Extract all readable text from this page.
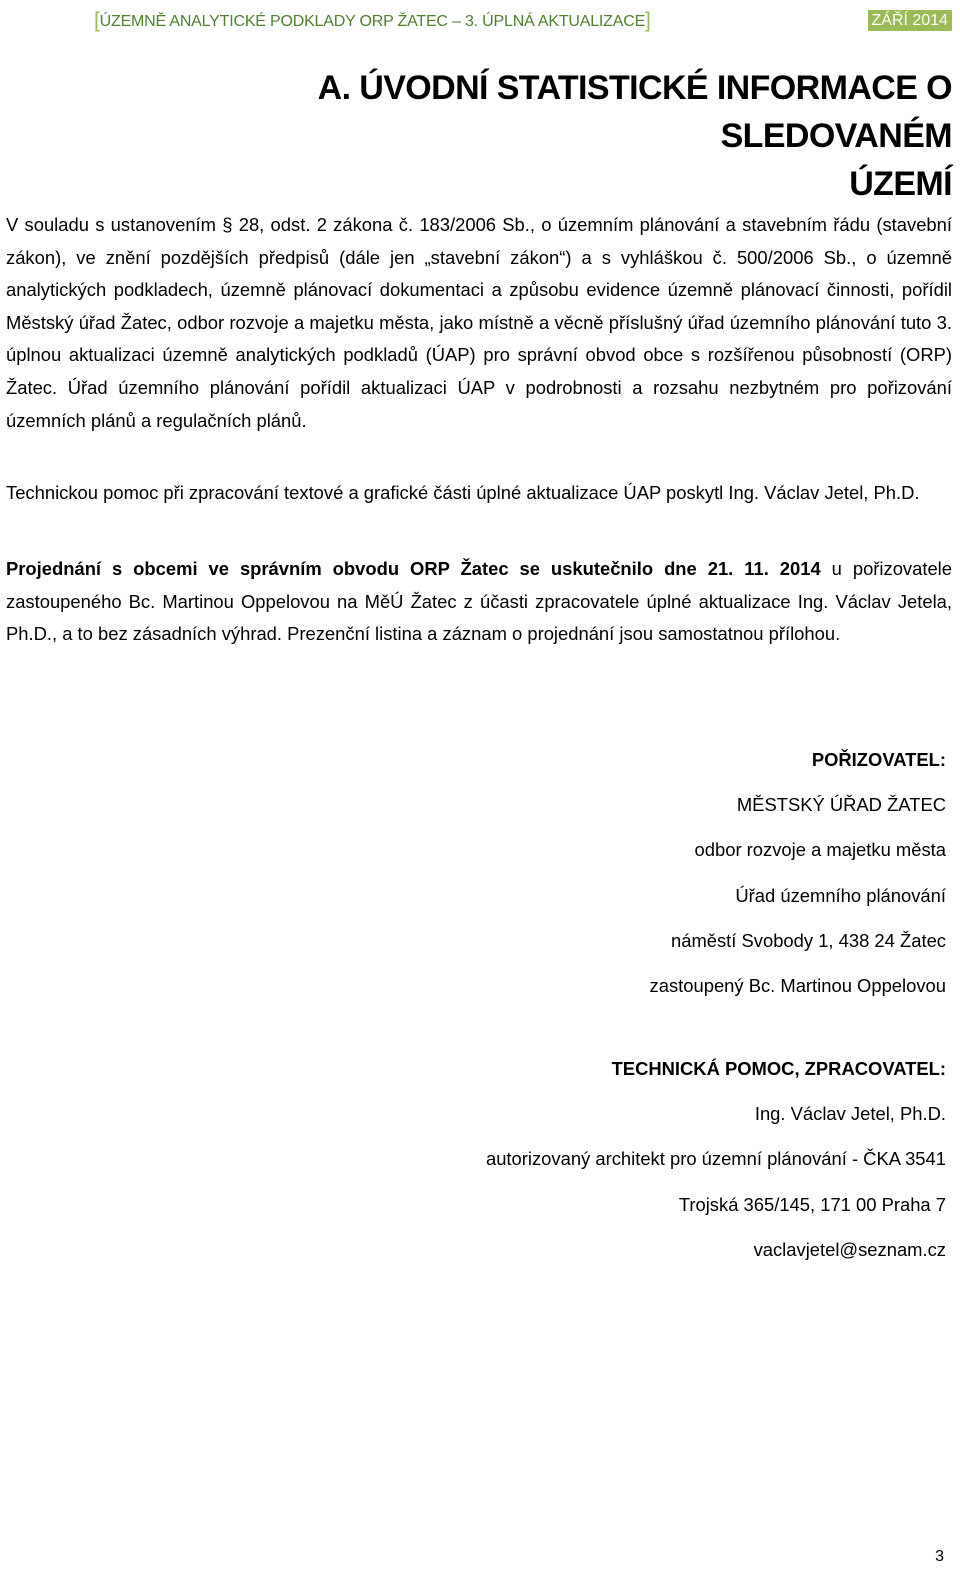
[ÚZEMNĚ ANALYTICKÉ PODKLADY ORP ŽATEC – 3. ÚPLNÁ AKTUALIZACE]	ZÁŘÍ 2014
A. ÚVODNÍ STATISTICKÉ INFORMACE O SLEDOVANÉM
ÚZEMÍ
V souladu s ustanovením § 28, odst. 2 zákona č. 183/2006 Sb., o územním plánování a stavebním řádu (stavební zákon), ve znění pozdějších předpisů (dále jen „stavební zákon“) a s vyhláškou č. 500/2006 Sb., o územně analytických podkladech, územně plánovací dokumentaci a způsobu evidence územně plánovací činnosti, pořídil Městský úřad Žatec, odbor rozvoje a majetku města, jako místně a věcně příslušný úřad územního plánování tuto 3. úplnou aktualizaci územně analytických podkladů (ÚAP) pro správní obvod obce s rozšířenou působností (ORP) Žatec. Úřad územního plánování pořídil aktualizaci ÚAP v podrobnosti a rozsahu nezbytném pro pořizování územních plánů a regulačních plánů.
Technickou pomoc při zpracování textové a grafické části úplné aktualizace ÚAP poskytl Ing. Václav Jetel, Ph.D.
Projednání s obcemi ve správním obvodu ORP Žatec se uskutečnilo dne 21. 11. 2014 u pořizovatele zastoupeného Bc. Martinou Oppelovou na MěÚ Žatec z účasti zpracovatele úplné aktualizace Ing. Václav Jetela, Ph.D., a to bez zásadních výhrad. Prezenční listina a záznam o projednání jsou samostatnou přílohou.
POŘIZOVATEL:
MĚSTSKÝ ÚŘAD ŽATEC
odbor rozvoje a majetku města
Úřad územního plánování
náměstí Svobody 1, 438 24 Žatec
zastoupený Bc. Martinou Oppelovou
TECHNICKÁ POMOC, ZPRACOVATEL:
Ing. Václav Jetel, Ph.D.
autorizovaný architekt pro územní plánování - ČKA 3541
Trojská 365/145, 171 00 Praha 7
vaclavjetel@seznam.cz
3
